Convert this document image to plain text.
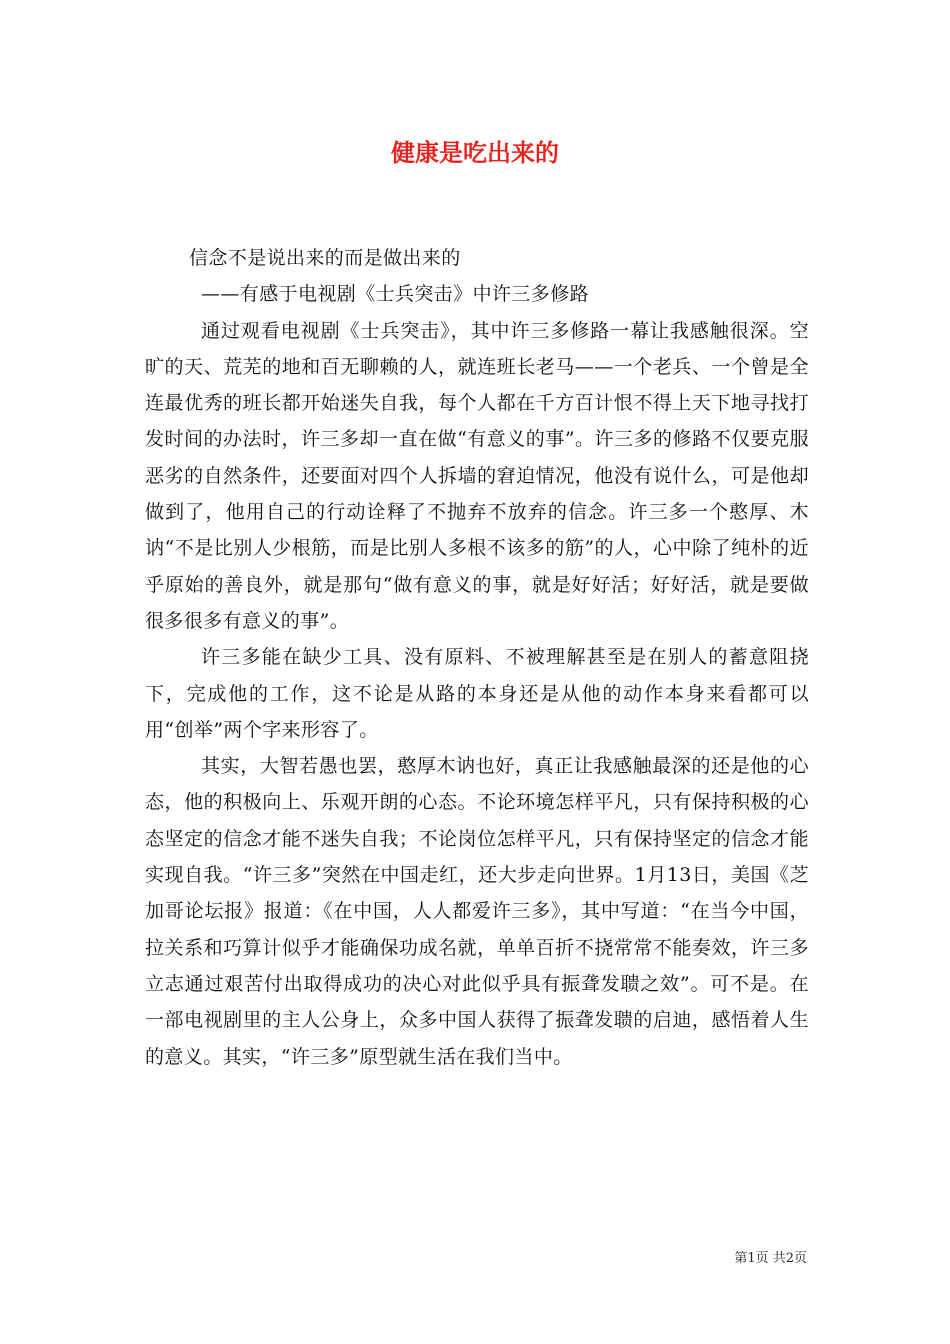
健康是吃出来的

信念不是说出来的而是做出来的

——有感于电视剧《士兵突击》中许三多修路

通过观看电视剧《士兵突击》，其中许三多修路一幕让我感触很深。空旷的天、荒芜的地和百无聊赖的人，就连班长老马——一个老兵、一个曾是全连最优秀的班长都开始迷失自我，每个人都在千方百计恨不得上天下地寻找打发时间的办法时，许三多却一直在做“有意义的事”。许三多的修路不仅要克服恶劣的自然条件，还要面对四个人拆墙的窘迫情况，他没有说什么，可是他却做到了，他用自己的行动诠释了不抛弃不放弃的信念。许三多一个憨厚、木讷“不是比别人少根筋，而是比别人多根不该多的筋”的人，心中除了纯朴的近乎原始的善良外，就是那句“做有意义的事，就是好好活；好好活，就是要做很多很多有意义的事”。

许三多能在缺少工具、没有原料、不被理解甚至是在别人的蓄意阻挠下，完成他的工作，这不论是从路的本身还是从他的动作本身来看都可以用“创举”两个字来形容了。

其实，大智若愚也罢，憨厚木讷也好，真正让我感触最深的还是他的心态，他的积极向上、乐观开朗的心态。不论环境怎样平凡，只有保持积极的心态坚定的信念才能不迷失自我；不论岗位怎样平凡，只有保持坚定的信念才能实现自我。“许三多”突然在中国走红，还大步走向世界。1月13日，美国《芝加哥论坛报》报道：《在中国，人人都爱许三多》，其中写道：“在当今中国，拉关系和巧算计似乎才能确保功成名就，单单百折不挠常常不能奏效，许三多立志通过艰苦付出取得成功的决心对此似乎具有振聋发聩之效”。可不是。在一部电视剧里的主人公身上，众多中国人获得了振聋发聩的启迪，感悟着人生的意义。其实，“许三多”原型就生活在我们当中。

第1页 共2页
